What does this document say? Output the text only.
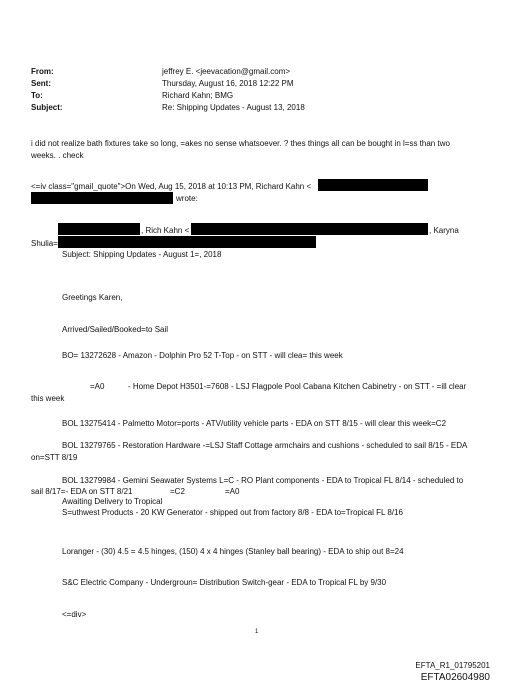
From:	jeffrey E. <jeevacation@gmail.com>
Sent:	Thursday, August 16, 2018 12:22 PM
To:	Richard Kahn; BMG
Subject:	Re: Shipping Updates - August 13, 2018
i did not realize bath fixtures take so long, =akes no sense whatsoever. ? thes things all can be bought in l=ss than two
weeks. . check
<=iv class="gmail_quote">On Wed, Aug 15, 2018 at 10:13 PM, Richard Kahn <
wrote:
, Rich Kahn <	, Karyna
Shulia=
Subject: Shipping Updates - August 1=, 2018
Greetings Karen,
Arrived/Sailed/Booked=to Sail
BO= 13272628 - Amazon - Dolphin Pro 52 T-Top - on STT - will clea= this week
=A0	- Home Depot H3501-=7608 - LSJ Flagpole Pool Cabana Kitchen Cabinetry - on STT - =ill clear
this week
BOL 13275414 - Palmetto Motor=ports - ATV/utility vehicle parts - EDA on STT 8/15 - will clear this week=C2
BOL 13279765 - Restoration Hardware -=LSJ Staff Cottage armchairs and cushions - scheduled to sail 8/15 - EDA
on=STT 8/19
BOL 13279984 - Gemini Seawater Systems L=C - RO Plant components - EDA to Tropical FL 8/14 - scheduled to
sail 8/17=- EDA on STT 8/21	=C2	=A0
Awaiting Delivery to Tropical
S=uthwest Products - 20 KW Generator - shipped out from factory 8/8 - EDA to=Tropical FL 8/16
Loranger - (30) 4.5 = 4.5 hinges, (150) 4 x 4 hinges (Stanley ball bearing) - EDA to ship out 8=24
S&C Electric Company - Undergroun= Distribution Switch-gear - EDA to Tropical FL by 9/30
<=div>
1
EFTA_R1_01795201
EFTA02604980
